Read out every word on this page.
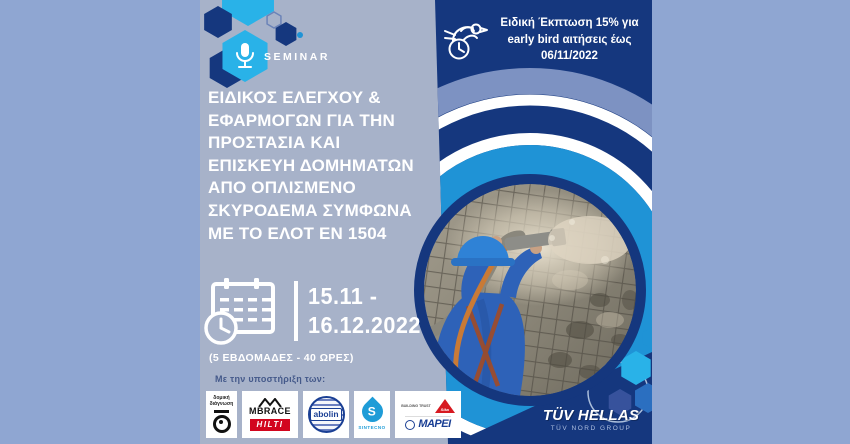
SEMINAR
Ειδική Έκπτωση 15% για
early bird αιτήσεις έως
06/11/2022
ΕΙΔΙΚΟΣ ΕΛΕΓΧΟΥ &
ΕΦΑΡΜΟΓΩΝ ΓΙΑ ΤΗΝ
ΠΡΟΣΤΑΣΙΑ ΚΑΙ
ΕΠΙΣΚΕΥΗ ΔΟΜΗΜΑΤΩΝ
ΑΠΟ ΟΠΛΙΣΜΕΝΟ
ΣΚΥΡΟΔΕΜΑ ΣΥΜΦΩΝΑ
ΜΕ ΤΟ ΕΛΟΤ ΕΝ 1504
15.11 -
16.12.2022
(5 ΕΒΔΟΜΑΔΕΣ - 40 ΩΡΕΣ)
Με την υποστήριξη των:
δομική
διάγνωση
MBRACE
HILTI
abolin S
SINTECNO
BUILDING TRUST
Sika
MAPEI	TÜV HELLAS
TÜV NORD GROUP
